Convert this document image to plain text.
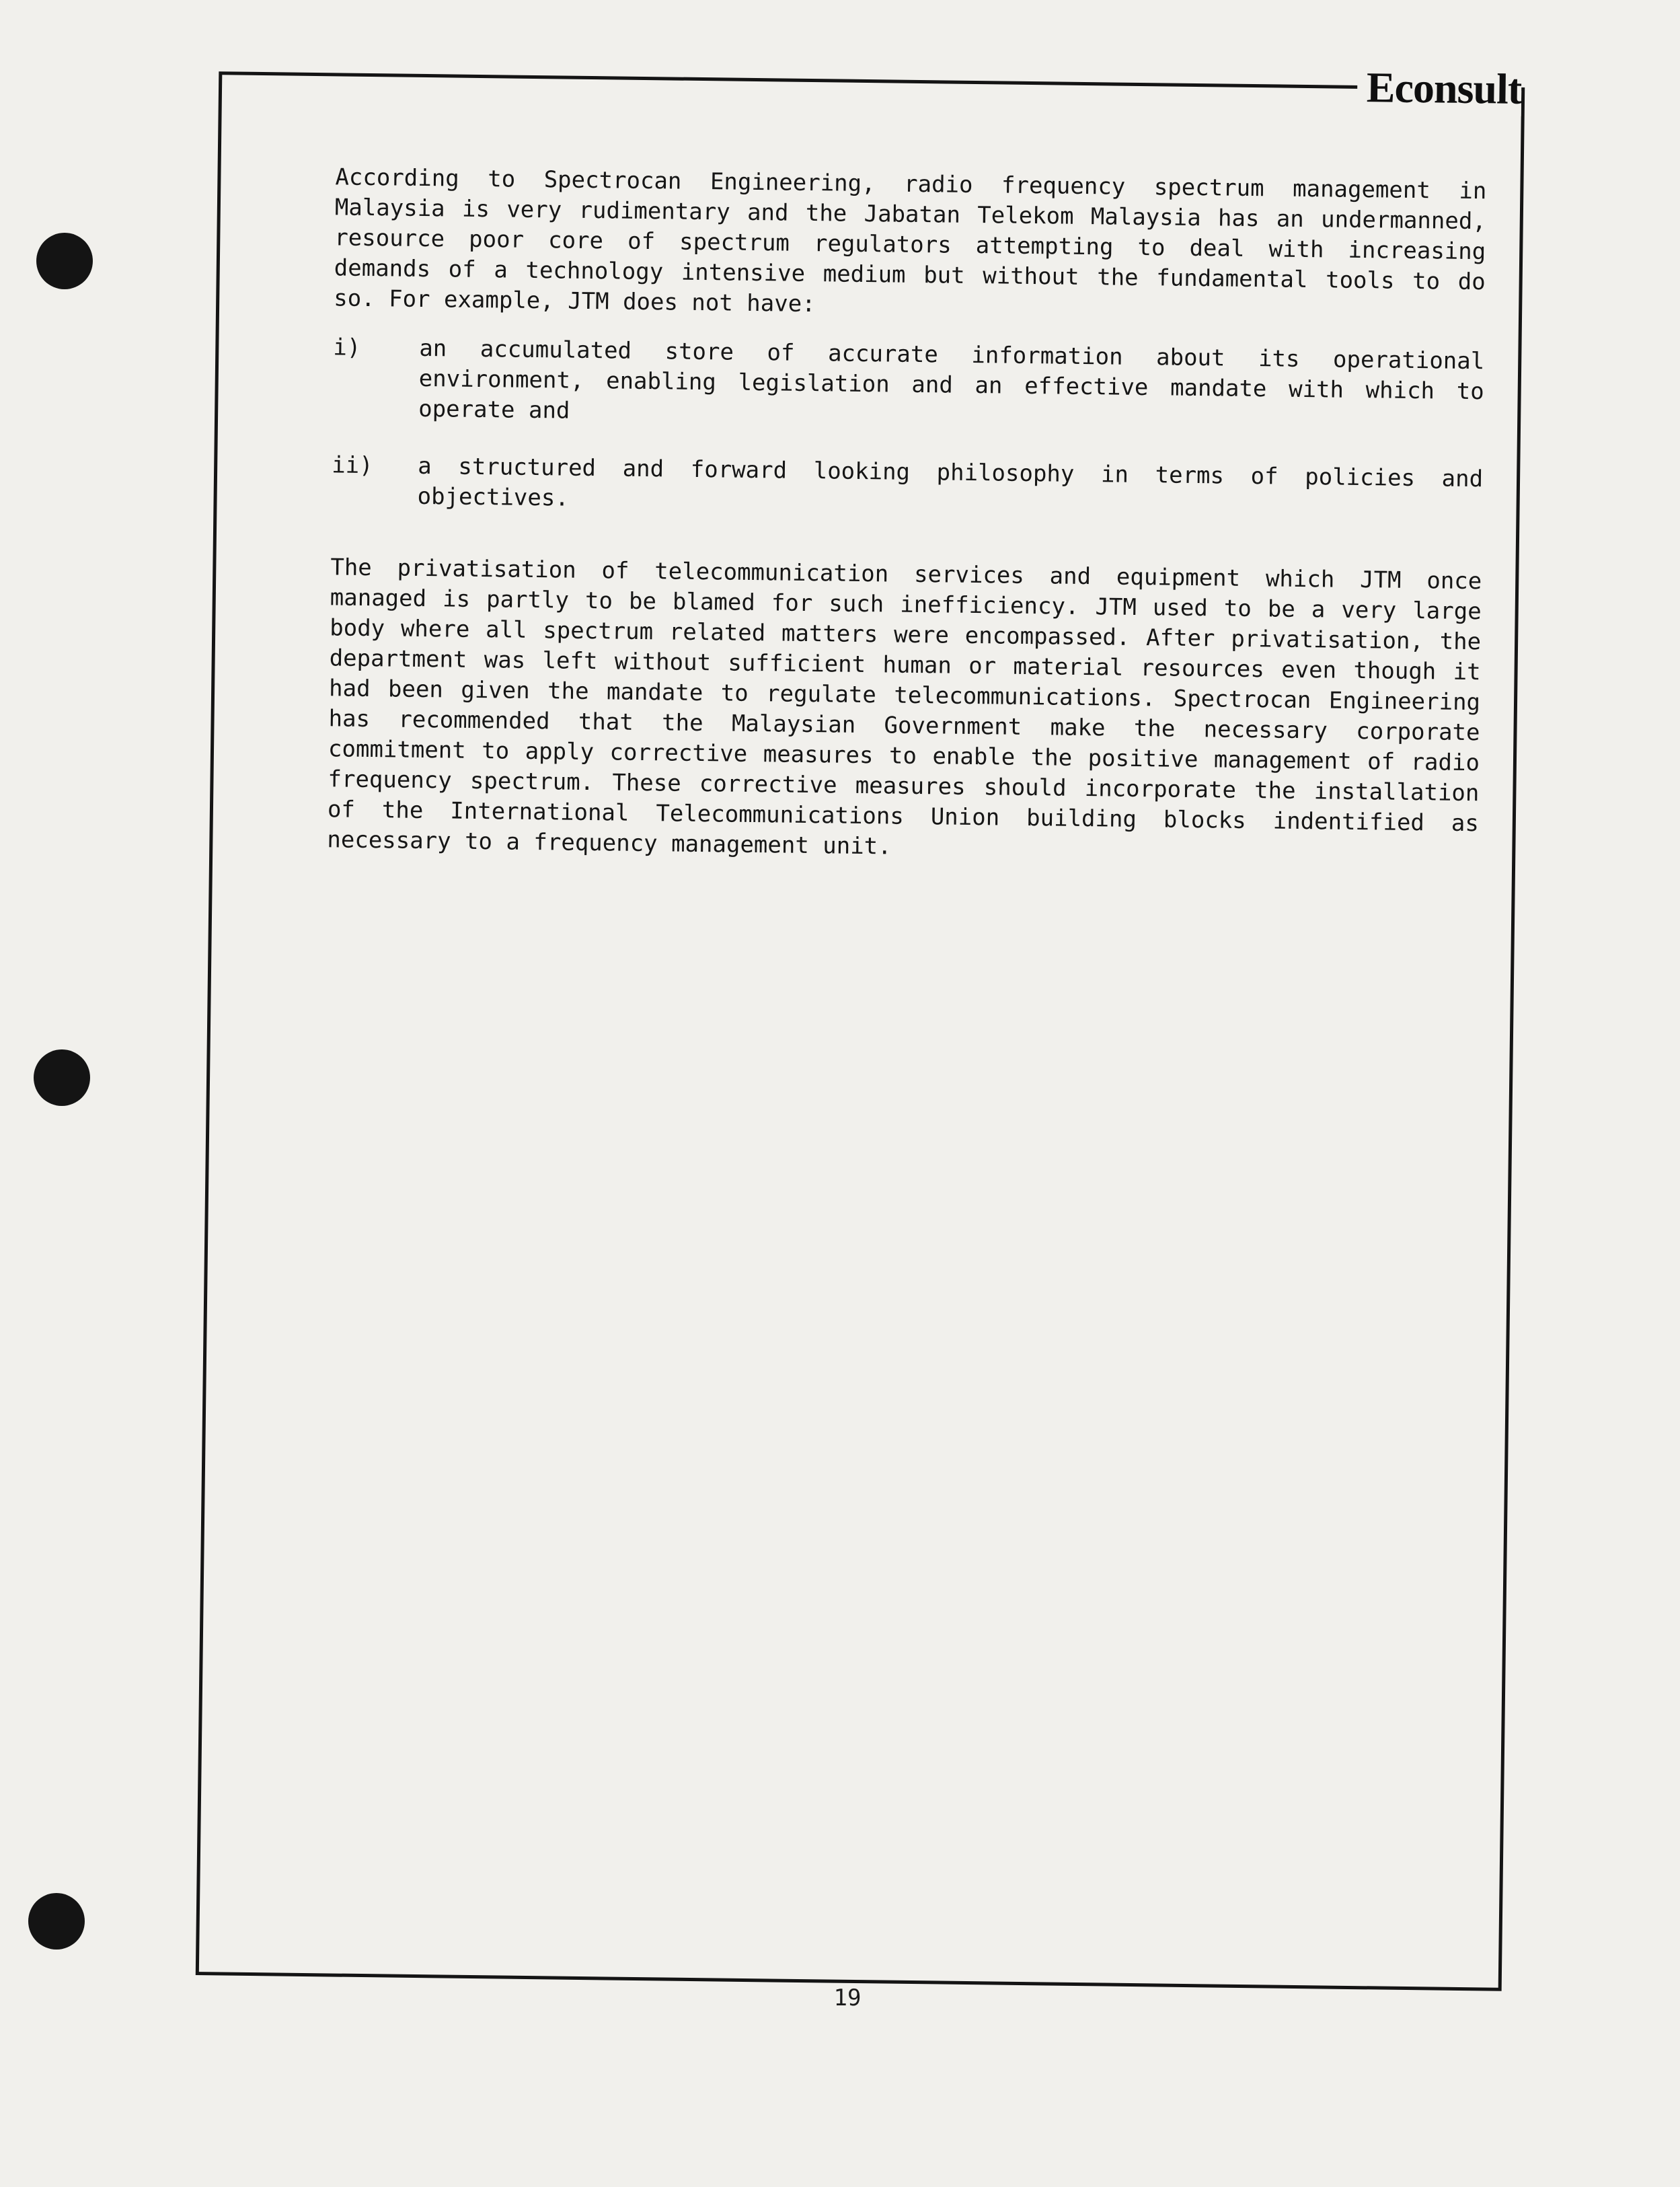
Econsult

According to Spectrocan Engineering, radio frequency spectrum management in Malaysia is very rudimentary and the Jabatan Telekom Malaysia has an undermanned, resource poor core of spectrum regulators attempting to deal with increasing demands of a technology intensive medium but without the fundamental tools to do so. For example, JTM does not have:

i)	an accumulated store of accurate information about its operational environment, enabling legislation and an effective mandate with which to operate and

ii)	a structured and forward looking philosophy in terms of policies and objectives.

The privatisation of telecommunication services and equipment which JTM once managed is partly to be blamed for such inefficiency. JTM used to be a very large body where all spectrum related matters were encompassed. After privatisation, the department was left without sufficient human or material resources even though it had been given the mandate to regulate telecommunications. Spectrocan Engineering has recommended that the Malaysian Government make the necessary corporate commitment to apply corrective measures to enable the positive management of radio frequency spectrum. These corrective measures should incorporate the installation of the International Telecommunications Union building blocks indentified as necessary to a frequency management unit.

19
